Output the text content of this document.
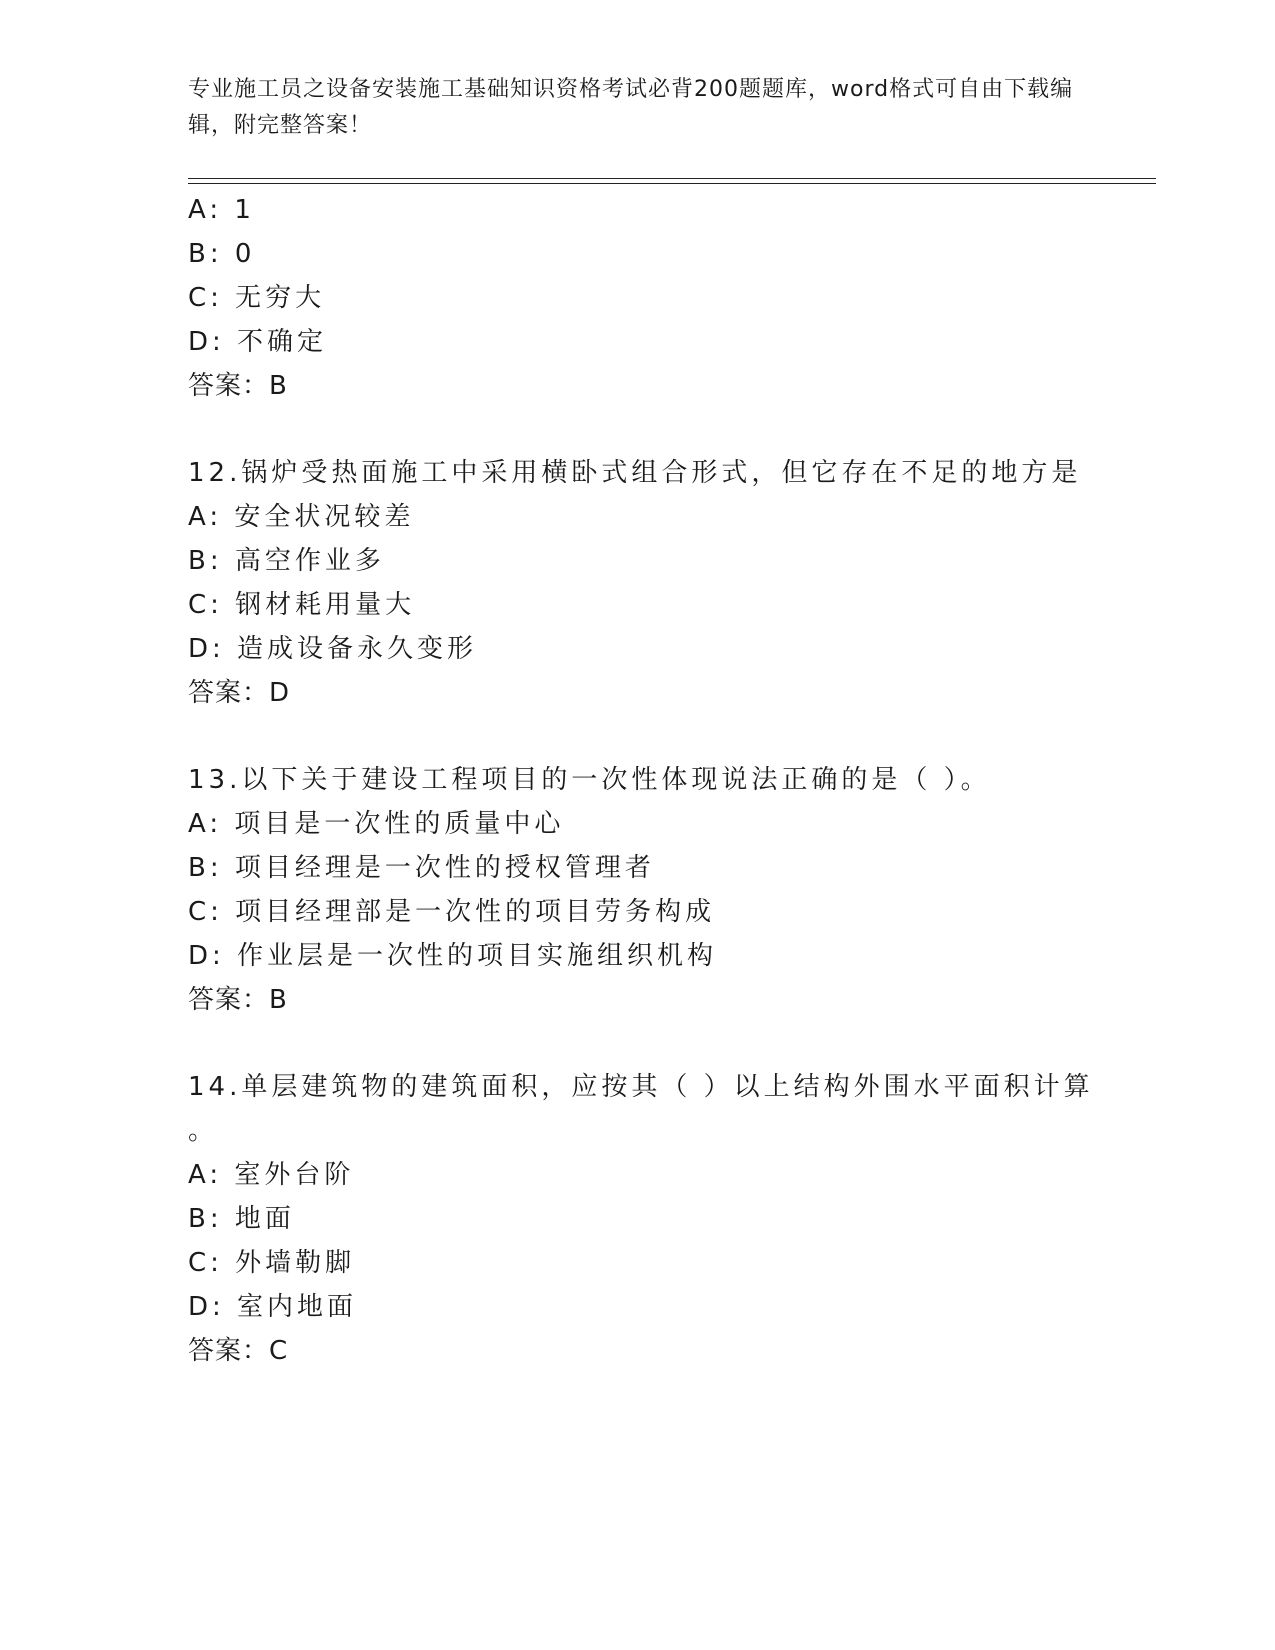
专业施工员之设备安装施工基础知识资格考试必背200题题库，word格式可自由下载编辑，附完整答案！
A: 1
B: 0
C: 无穷大
D: 不确定
答案：B
12.锅炉受热面施工中采用横卧式组合形式，但它存在不足的地方是
A: 安全状况较差
B: 高空作业多
C: 钢材耗用量大
D: 造成设备永久变形
答案：D
13.以下关于建设工程项目的一次性体现说法正确的是（ ）。
A: 项目是一次性的质量中心
B: 项目经理是一次性的授权管理者
C: 项目经理部是一次性的项目劳务构成
D: 作业层是一次性的项目实施组织机构
答案：B
14.单层建筑物的建筑面积，应按其（ ）以上结构外围水平面积计算
。
A: 室外台阶
B: 地面
C: 外墙勒脚
D: 室内地面
答案：C
